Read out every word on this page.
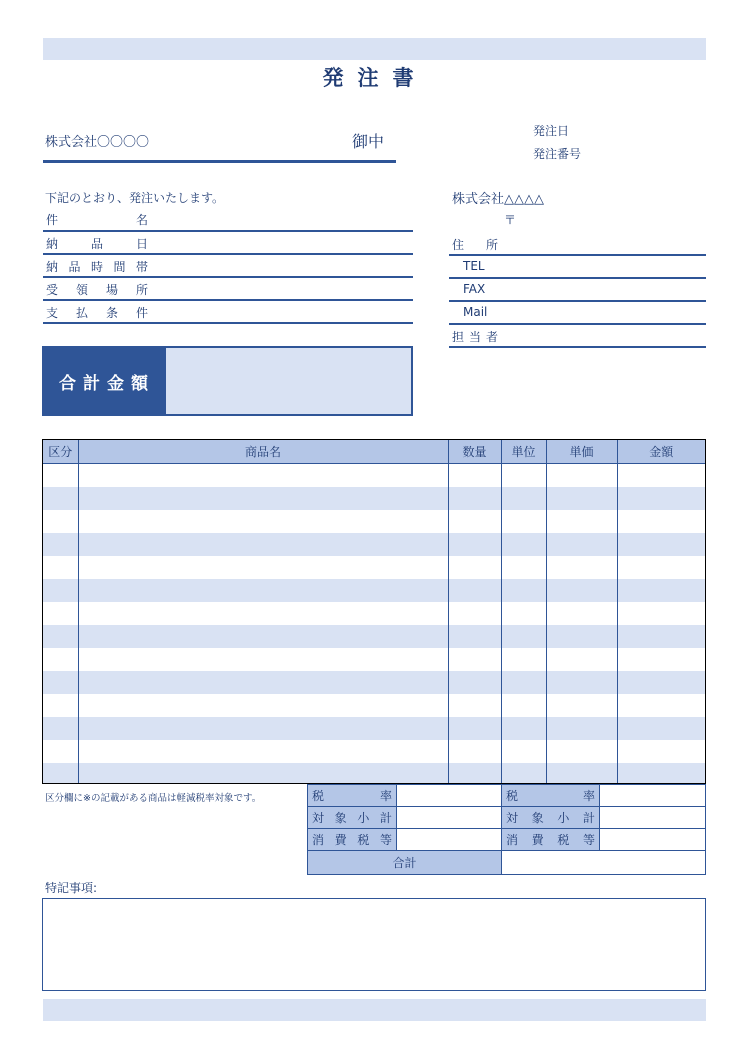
発注書
株式会社〇〇〇〇	御中
発注日
発注番号
下記のとおり、発注いたします。
件	名
納	品	日
納 品 時 間 帯
受 領 場 所
支 払 条 件
株式会社△△△△
〒
住 所
TEL
FAX
Mail
担 当 者
合計金額
区分	商品名	数量	単位	単価	金額

区分欄に※の記載がある商品は軽減税率対象です。	税 率		税 率	

対 象 小 計		対 象 小 計	

消 費 税 等		消 費 税 等	

合計			
特記事項:
